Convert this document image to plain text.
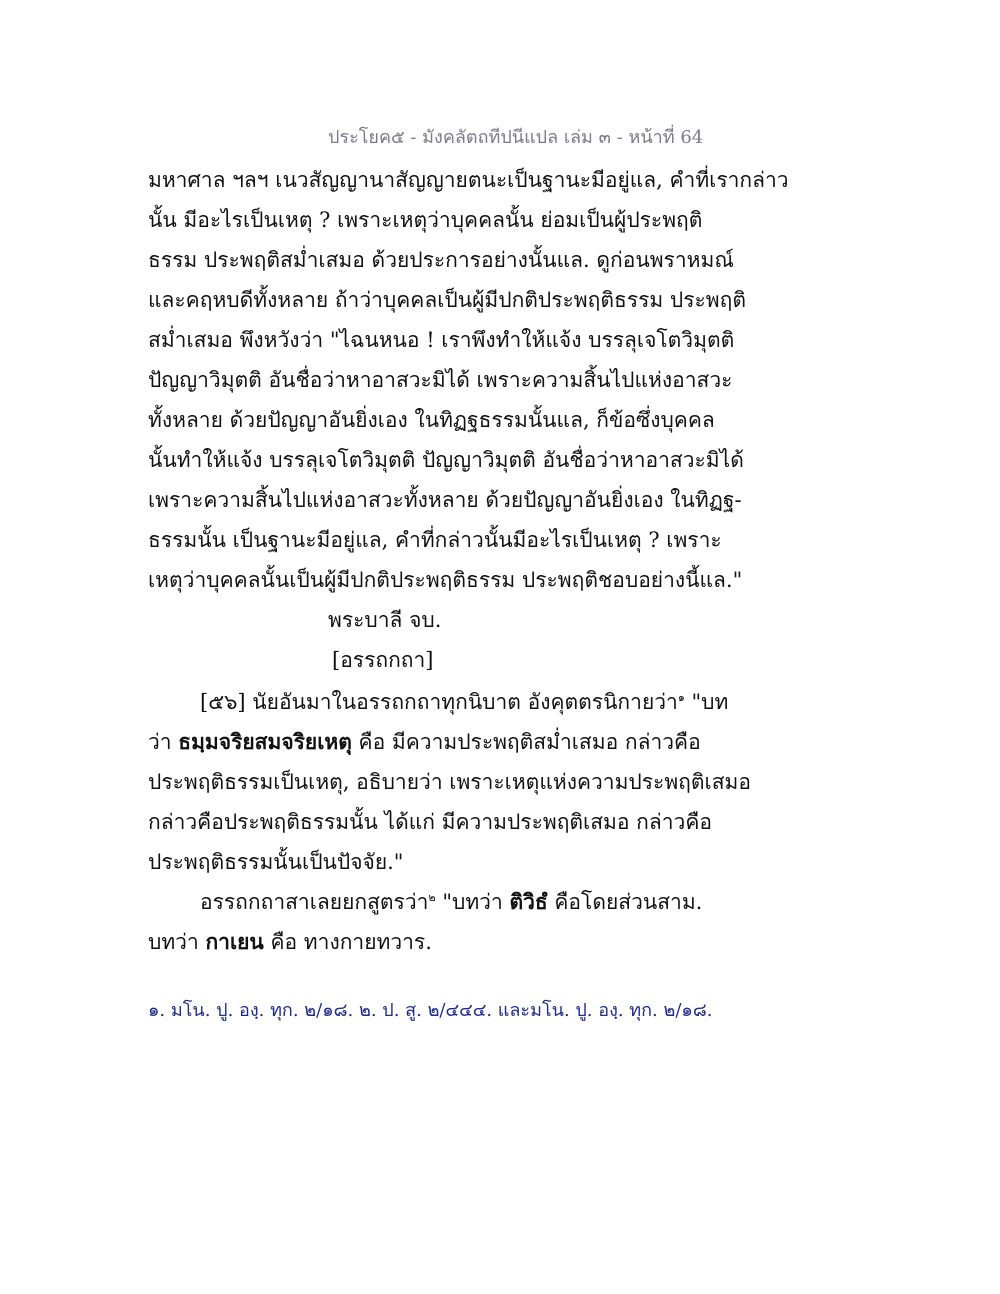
ประโยค๕ - มังคลัตถทีปนีแปล เล่ม ๓ - หน้าที่ 64
มหาศาล ฯลฯ เนวสัญญานาสัญญายตนะเป็นฐานะมีอยู่แล, คำที่เรากล่าว
นั้น มีอะไรเป็นเหตุ ? เพราะเหตุว่าบุคคลนั้น ย่อมเป็นผู้ประพฤติ
ธรรม ประพฤติสม่ำเสมอ ด้วยประการอย่างนั้นแล. ดูก่อนพราหมณ์
และคฤหบดีทั้งหลาย ถ้าว่าบุคคลเป็นผู้มีปกติประพฤติธรรม ประพฤติ
สม่ำเสมอ พึงหวังว่า "ไฉนหนอ ! เราพึงทำให้แจ้ง บรรลุเจโตวิมุตติ
ปัญญาวิมุตติ อันชื่อว่าหาอาสวะมิได้ เพราะความสิ้นไปแห่งอาสวะ
ทั้งหลาย ด้วยปัญญาอันยิ่งเอง ในทิฏฐธรรมนั้นแล, ก็ข้อซึ่งบุคคล
นั้นทำให้แจ้ง บรรลุเจโตวิมุตติ ปัญญาวิมุตติ อันชื่อว่าหาอาสวะมิได้
เพราะความสิ้นไปแห่งอาสวะทั้งหลาย ด้วยปัญญาอันยิ่งเอง ในทิฏฐ-
ธรรมนั้น เป็นฐานะมีอยู่แล, คำที่กล่าวนั้นมีอะไรเป็นเหตุ ? เพราะ
เหตุว่าบุคคลนั้นเป็นผู้มีปกติประพฤติธรรม ประพฤติชอบอย่างนี้แล."
พระบาลี จบ.
[อรรถกถา]
[๕๖] นัยอันมาในอรรถกถาทุกนิบาต อังคุตตรนิกายว่า$^๑$ "บท
ว่า ธมฺมจริยสมจริยเหตุ คือ มีความประพฤติสม่ำเสมอ กล่าวคือ
ประพฤติธรรมเป็นเหตุ, อธิบายว่า เพราะเหตุแห่งความประพฤติเสมอ
กล่าวคือประพฤติธรรมนั้น ได้แก่ มีความประพฤติเสมอ กล่าวคือ
ประพฤติธรรมนั้นเป็นปัจจัย."
อรรถกถาสาเลยยกสูตรว่า$^๒$ "บทว่า ติวิธํ คือโดยส่วนสาม.
บทว่า กาเยน คือ ทางกายทวาร.
๑. มโน. ปู. องฺ. ทุก. ๒/๑๘. ๒. ป. สู. ๒/๔๔๔. และมโน. ปู. องฺ. ทุก. ๒/๑๘.
